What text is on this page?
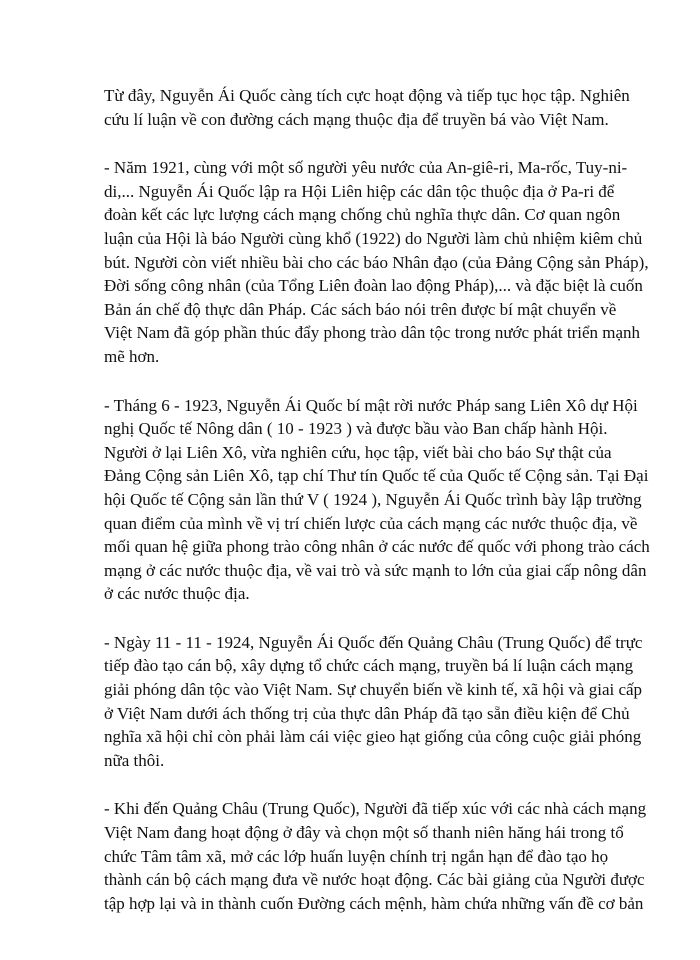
Từ đây, Nguyễn Ái Quốc càng tích cực hoạt động và tiếp tục học tập. Nghiên
cứu lí luận về con đường cách mạng thuộc địa để truyền bá vào Việt Nam.
- Năm 1921, cùng với một số người yêu nước của An-giê-ri, Ma-rốc, Tuy-ni-
di,... Nguyễn Ái Quốc lập ra Hội Liên hiệp các dân tộc thuộc địa ở Pa-ri để
đoàn kết các lực lượng cách mạng chống chủ nghĩa thực dân. Cơ quan ngôn
luận của Hội là báo Người cùng khổ (1922) do Người làm chủ nhiệm kiêm chủ
bút. Người còn viết nhiều bài cho các báo Nhân đạo (của Đảng Cộng sản Pháp),
Đời sống công nhân (của Tổng Liên đoàn lao động Pháp),... và đặc biệt là cuốn
Bản án chế độ thực dân Pháp. Các sách báo nói trên được bí mật chuyển về
Việt Nam đã góp phần thúc đẩy phong trào dân tộc trong nước phát triển mạnh
mẽ hơn.
- Tháng 6 - 1923, Nguyễn Ái Quốc bí mật rời nước Pháp sang Liên Xô dự Hội
nghị Quốc tế Nông dân ( 10 - 1923 ) và được bầu vào Ban chấp hành Hội.
Người ở lại Liên Xô, vừa nghiên cứu, học tập, viết bài cho báo Sự thật của
Đảng Cộng sản Liên Xô, tạp chí Thư tín Quốc tế của Quốc tế Cộng sản. Tại Đại
hội Quốc tế Cộng sản lần thứ V ( 1924 ), Nguyễn Ái Quốc trình bày lập trường
quan điểm của mình về vị trí chiến lược của cách mạng các nước thuộc địa, về
mối quan hệ giữa phong trào công nhân ở các nước đế quốc với phong trào cách
mạng ở các nước thuộc địa, về vai trò và sức mạnh to lớn của giai cấp nông dân
ở các nước thuộc địa.
- Ngày 11 - 11 - 1924, Nguyễn Ái Quốc đến Quảng Châu (Trung Quốc) để trực
tiếp đào tạo cán bộ, xây dựng tổ chức cách mạng, truyền bá lí luận cách mạng
giải phóng dân tộc vào Việt Nam. Sự chuyển biến về kinh tế, xã hội và giai cấp
ở Việt Nam dưới ách thống trị của thực dân Pháp đã tạo sẵn điều kiện để Chủ
nghĩa xã hội chỉ còn phải làm cái việc gieo hạt giống của công cuộc giải phóng
nữa thôi.
- Khi đến Quảng Châu (Trung Quốc), Người đã tiếp xúc với các nhà cách mạng
Việt Nam đang hoạt động ở đây và chọn một số thanh niên hăng hái trong tổ
chức Tâm tâm xã, mở các lớp huấn luyện chính trị ngắn hạn để đào tạo họ
thành cán bộ cách mạng đưa về nước hoạt động. Các bài giảng của Người được
tập hợp lại và in thành cuốn Đường cách mệnh, hàm chứa những vấn đề cơ bản
